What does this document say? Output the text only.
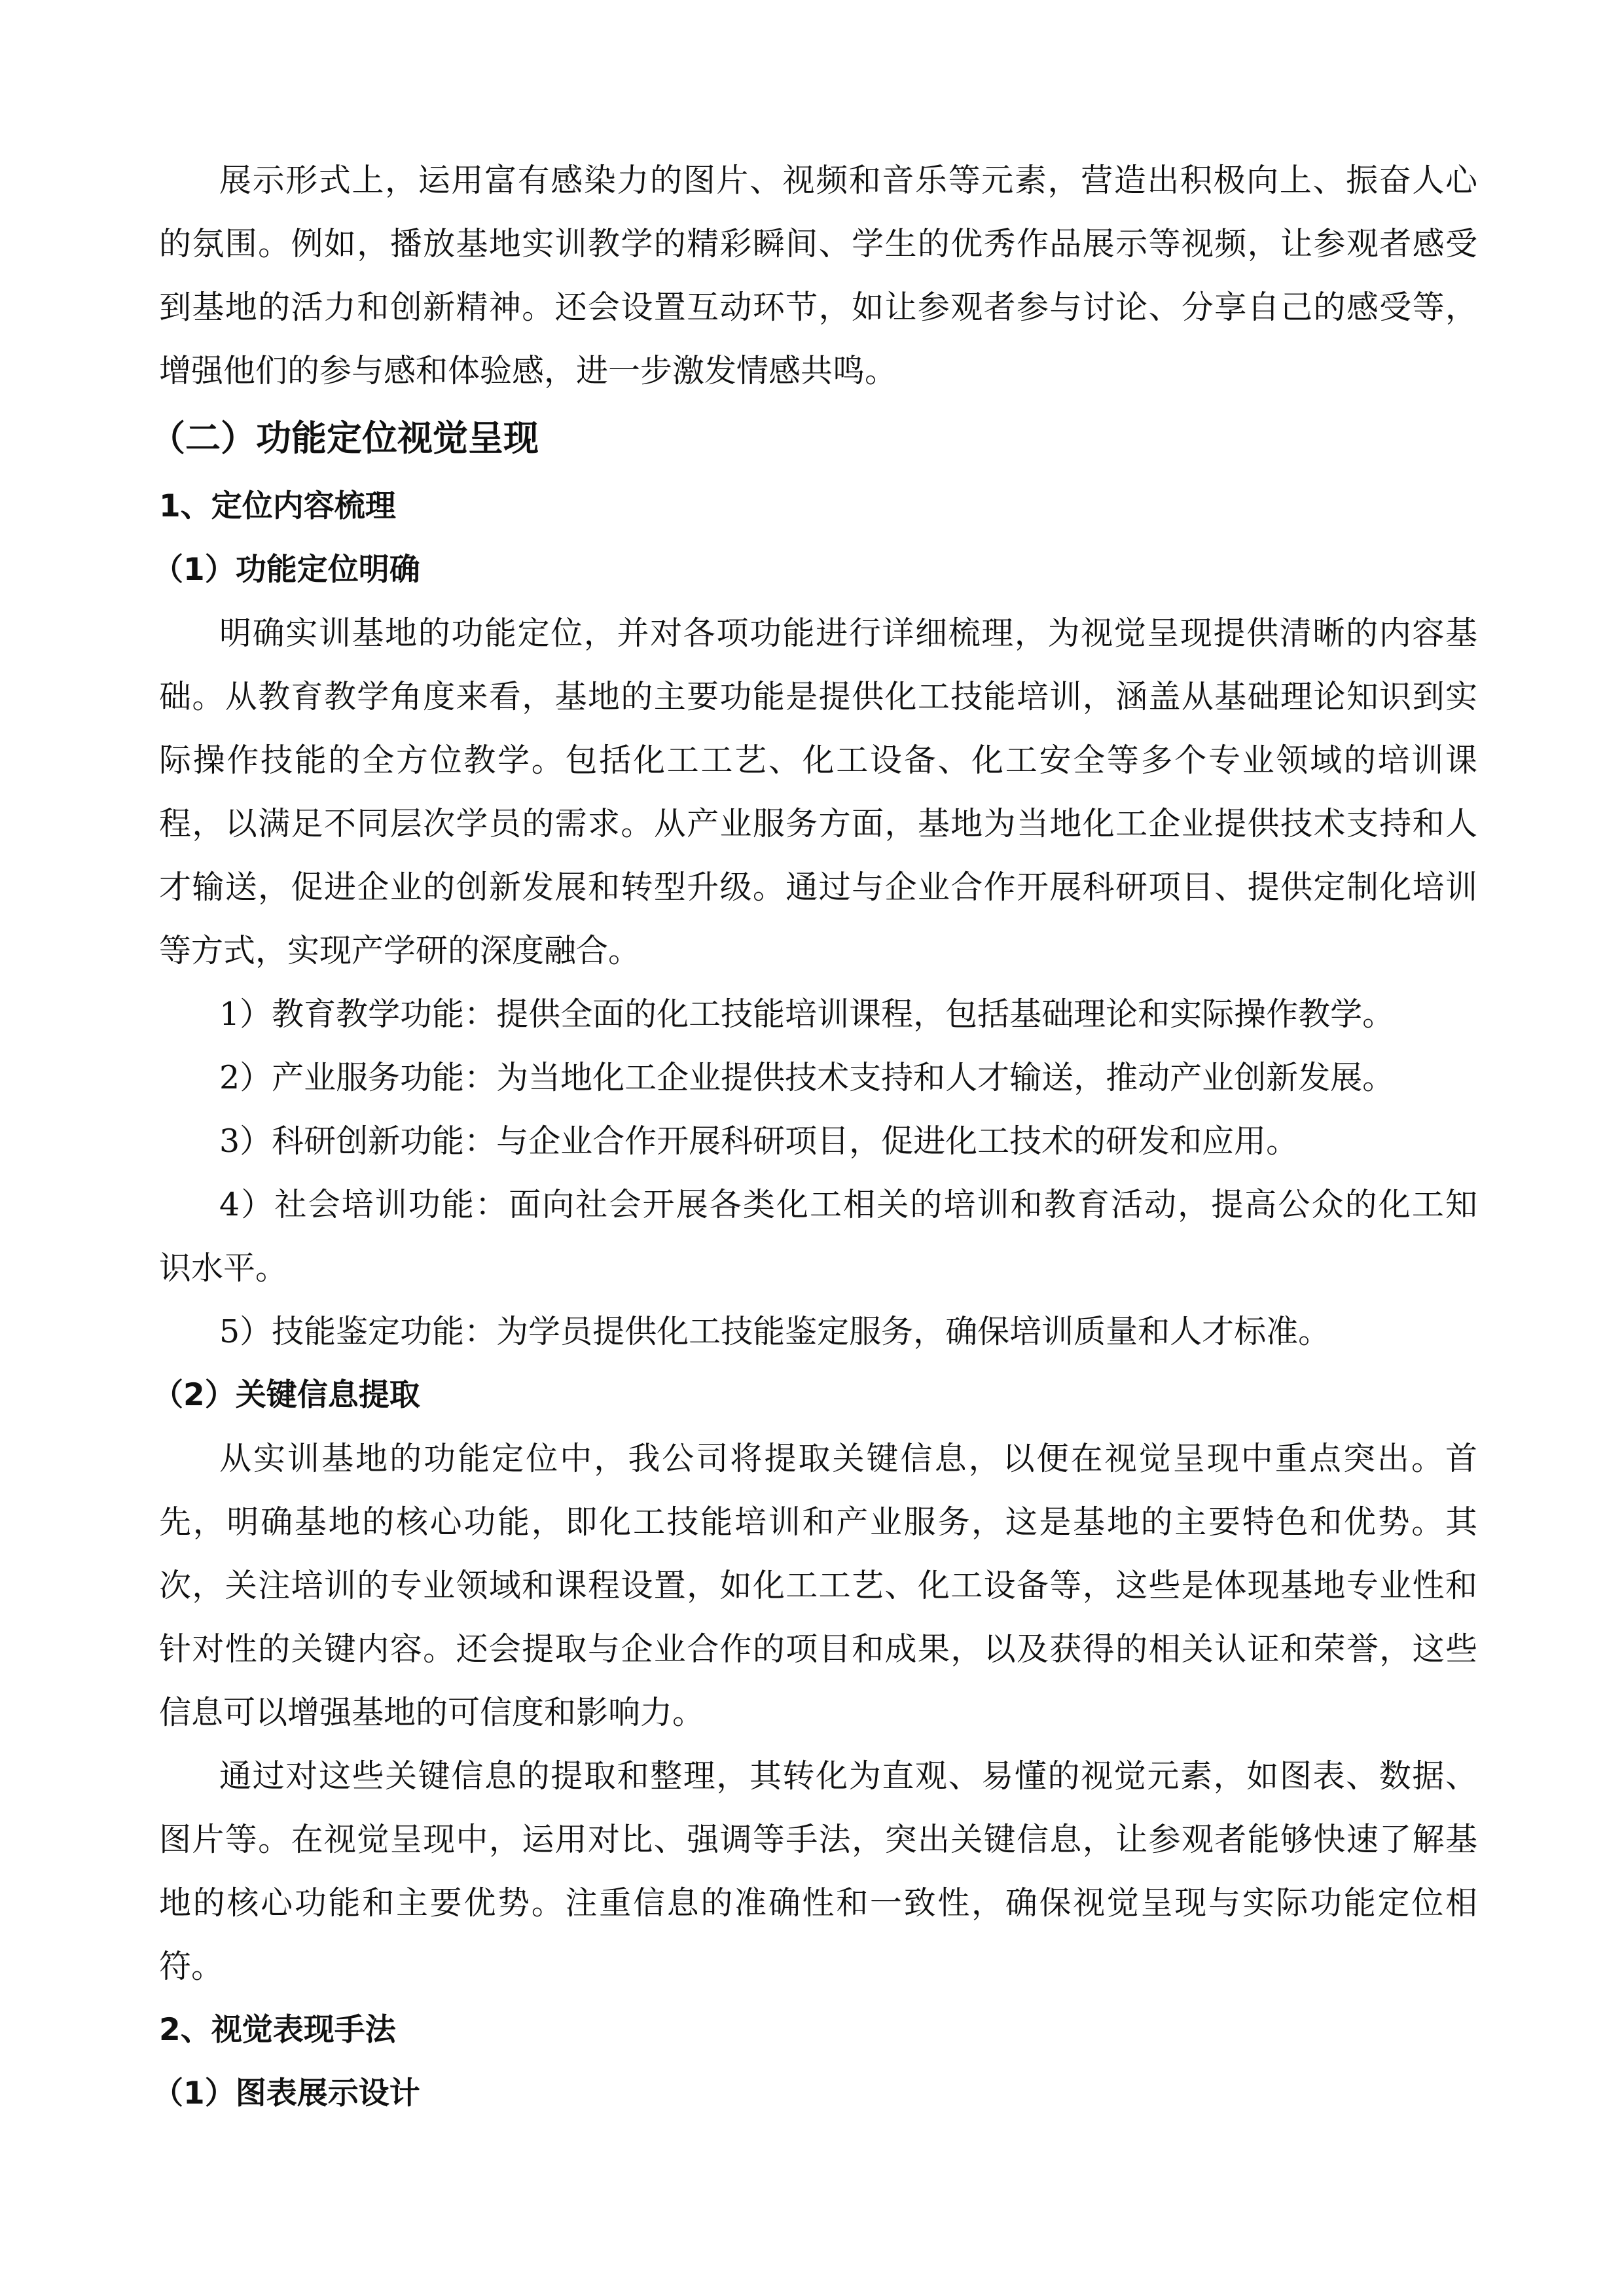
展示形式上，运用富有感染力的图片、视频和音乐等元素，营造出积极向上、振奋人心
的氛围。例如，播放基地实训教学的精彩瞬间、学生的优秀作品展示等视频，让参观者感受
到基地的活力和创新精神。还会设置互动环节，如让参观者参与讨论、分享自己的感受等，
增强他们的参与感和体验感，进一步激发情感共鸣。
（二）功能定位视觉呈现
1、定位内容梳理
（1）功能定位明确
明确实训基地的功能定位，并对各项功能进行详细梳理，为视觉呈现提供清晰的内容基
础。从教育教学角度来看，基地的主要功能是提供化工技能培训，涵盖从基础理论知识到实
际操作技能的全方位教学。包括化工工艺、化工设备、化工安全等多个专业领域的培训课
程，以满足不同层次学员的需求。从产业服务方面，基地为当地化工企业提供技术支持和人
才输送，促进企业的创新发展和转型升级。通过与企业合作开展科研项目、提供定制化培训
等方式，实现产学研的深度融合。
1）教育教学功能：提供全面的化工技能培训课程，包括基础理论和实际操作教学。
2）产业服务功能：为当地化工企业提供技术支持和人才输送，推动产业创新发展。
3）科研创新功能：与企业合作开展科研项目，促进化工技术的研发和应用。
4）社会培训功能：面向社会开展各类化工相关的培训和教育活动，提高公众的化工知
识水平。
5）技能鉴定功能：为学员提供化工技能鉴定服务，确保培训质量和人才标准。
（2）关键信息提取
从实训基地的功能定位中，我公司将提取关键信息，以便在视觉呈现中重点突出。首
先，明确基地的核心功能，即化工技能培训和产业服务，这是基地的主要特色和优势。其
次，关注培训的专业领域和课程设置，如化工工艺、化工设备等，这些是体现基地专业性和
针对性的关键内容。还会提取与企业合作的项目和成果，以及获得的相关认证和荣誉，这些
信息可以增强基地的可信度和影响力。
通过对这些关键信息的提取和整理，其转化为直观、易懂的视觉元素，如图表、数据、
图片等。在视觉呈现中，运用对比、强调等手法，突出关键信息，让参观者能够快速了解基
地的核心功能和主要优势。注重信息的准确性和一致性，确保视觉呈现与实际功能定位相
符。
2、视觉表现手法
（1）图表展示设计
